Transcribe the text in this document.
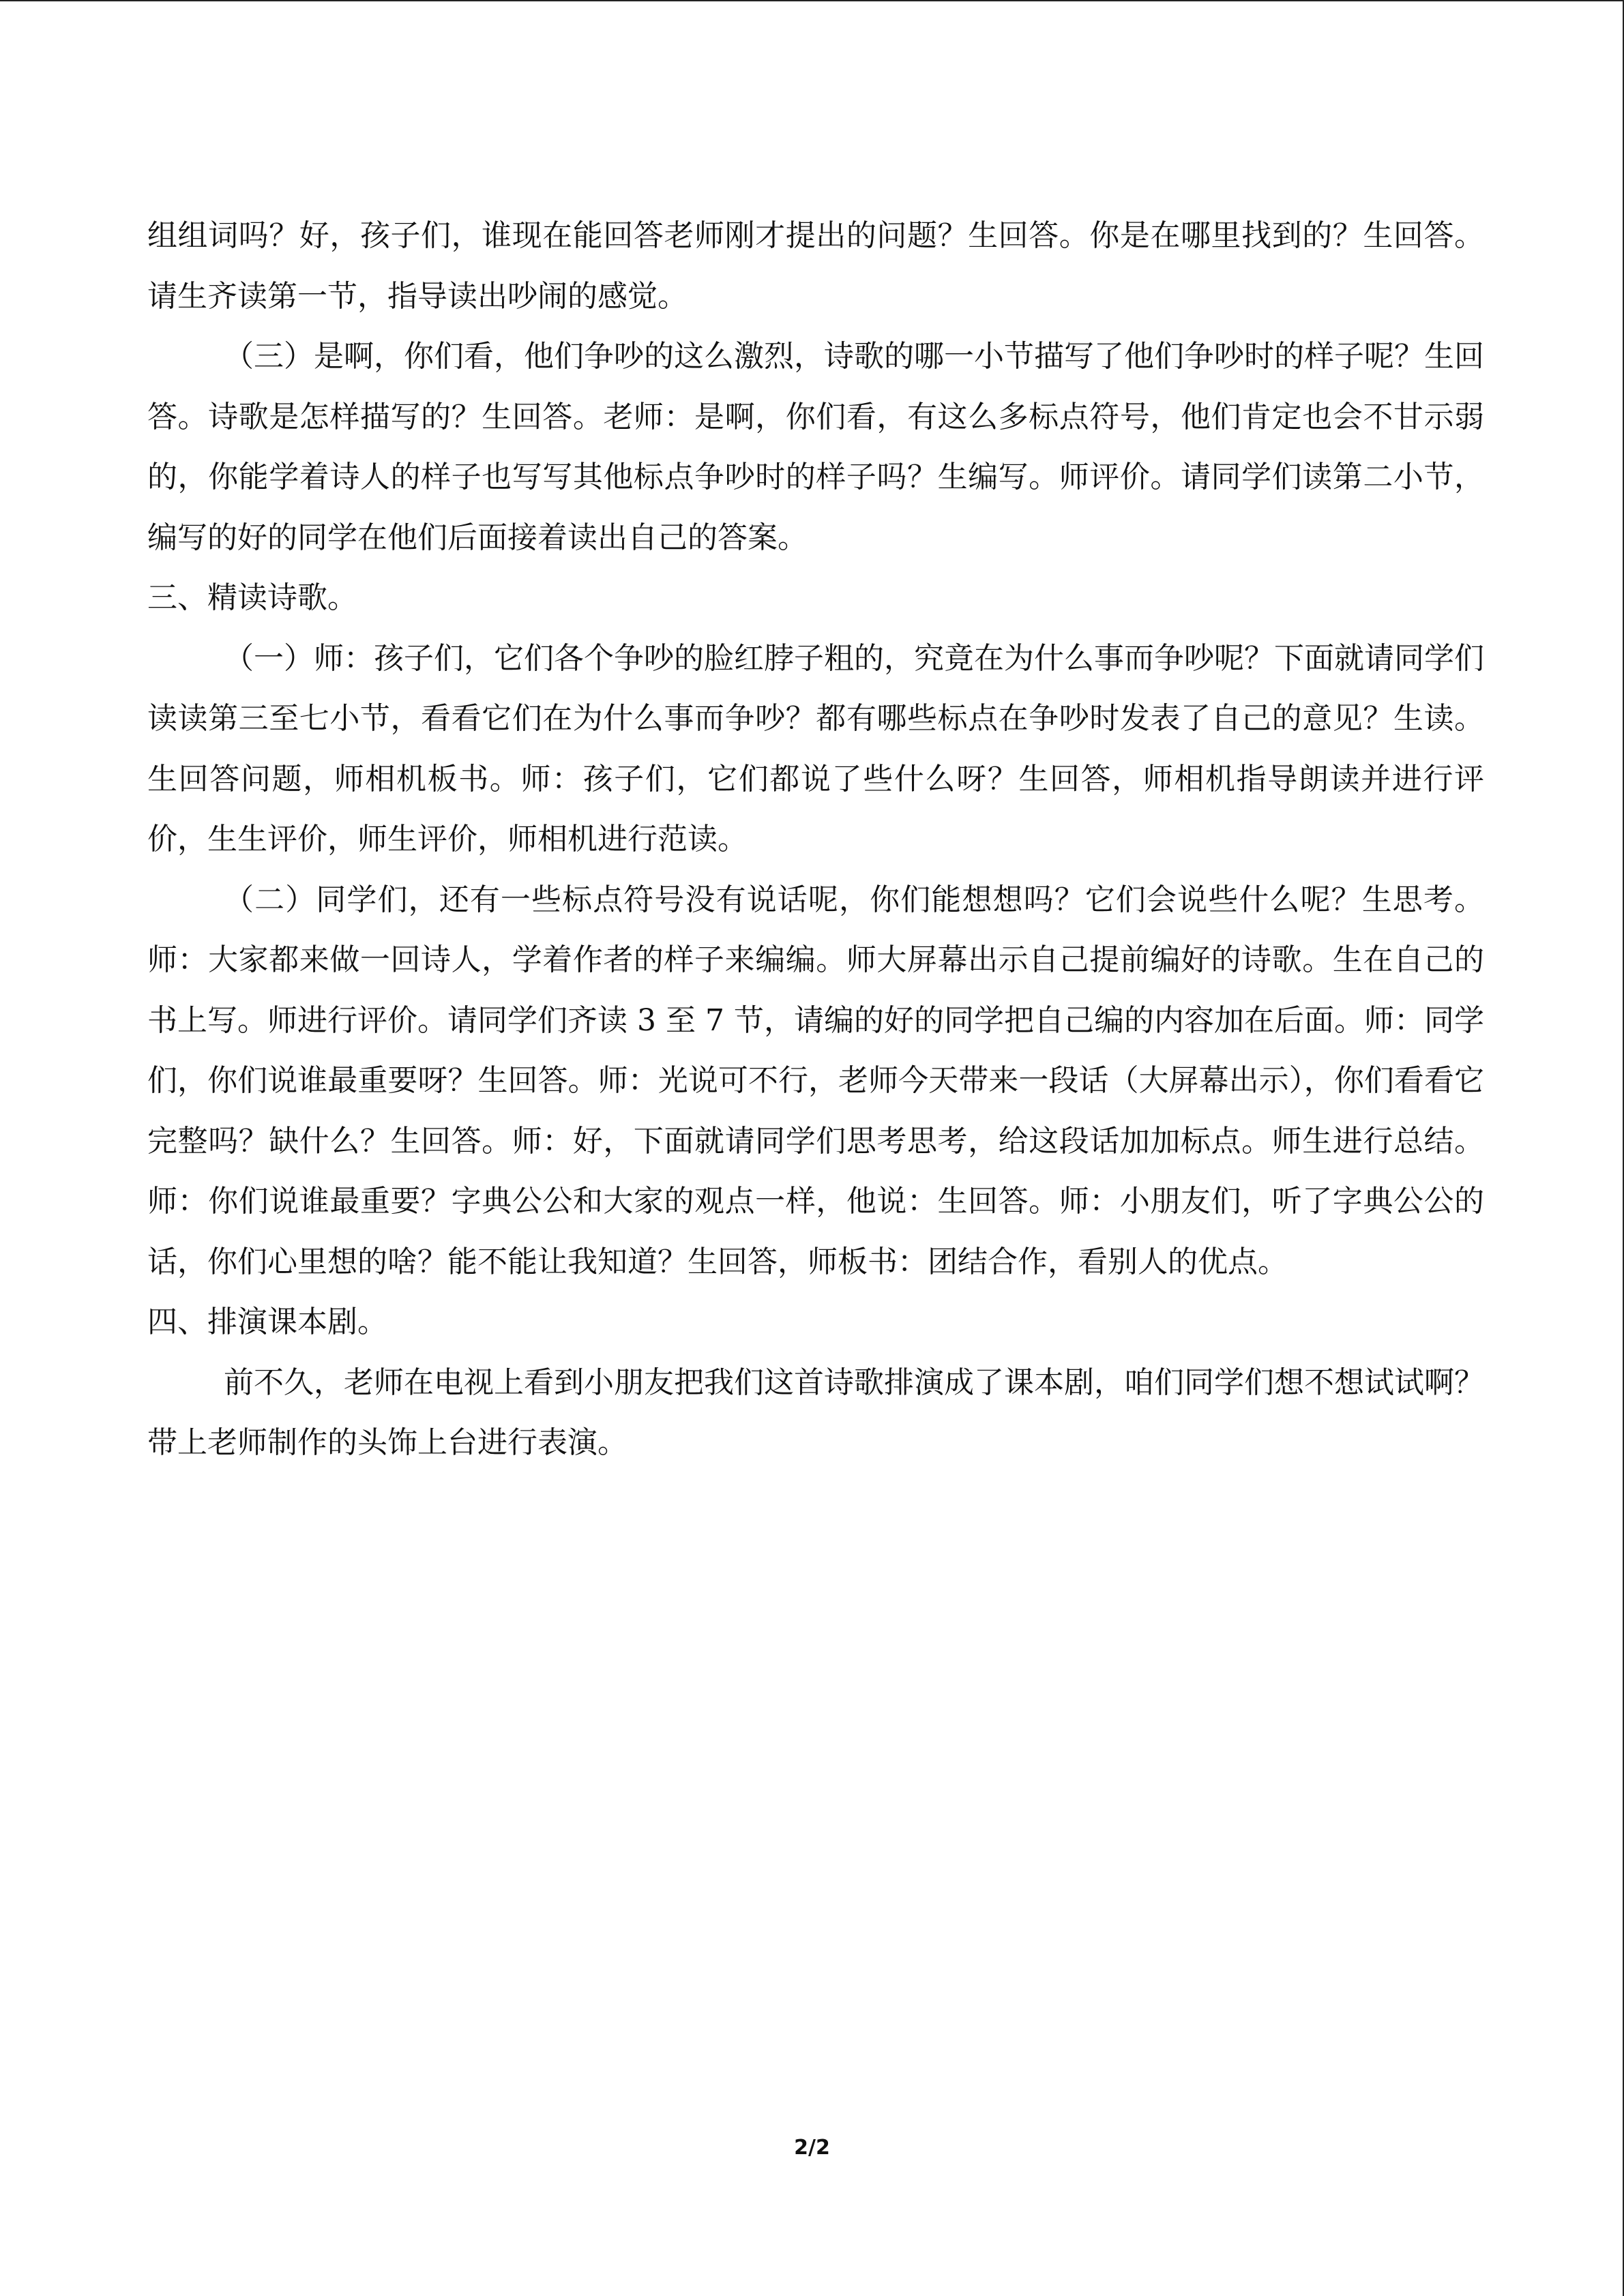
组组词吗？好，孩子们，谁现在能回答老师刚才提出的问题？生回答。你是在哪里找到的？生回答。请生齐读第一节，指导读出吵闹的感觉。

（三）是啊，你们看，他们争吵的这么激烈，诗歌的哪一小节描写了他们争吵时的样子呢？生回答。诗歌是怎样描写的？生回答。老师：是啊，你们看，有这么多标点符号，他们肯定也会不甘示弱的，你能学着诗人的样子也写写其他标点争吵时的样子吗？生编写。师评价。请同学们读第二小节，编写的好的同学在他们后面接着读出自己的答案。

三、精读诗歌。

（一）师：孩子们，它们各个争吵的脸红脖子粗的，究竟在为什么事而争吵呢？下面就请同学们读读第三至七小节，看看它们在为什么事而争吵？都有哪些标点在争吵时发表了自己的意见？生读。生回答问题，师相机板书。师：孩子们，它们都说了些什么呀？生回答，师相机指导朗读并进行评价，生生评价，师生评价，师相机进行范读。

（二）同学们，还有一些标点符号没有说话呢，你们能想想吗？它们会说些什么呢？生思考。师：大家都来做一回诗人，学着作者的样子来编编。师大屏幕出示自己提前编好的诗歌。生在自己的书上写。师进行评价。请同学们齐读 3 至 7 节，请编的好的同学把自己编的内容加在后面。师：同学们，你们说谁最重要呀？生回答。师：光说可不行，老师今天带来一段话（大屏幕出示），你们看看它完整吗？缺什么？生回答。师：好，下面就请同学们思考思考，给这段话加加标点。师生进行总结。师：你们说谁最重要？字典公公和大家的观点一样，他说：生回答。师：小朋友们，听了字典公公的话，你们心里想的啥？能不能让我知道？生回答，师板书：团结合作，看别人的优点。

四、排演课本剧。

前不久，老师在电视上看到小朋友把我们这首诗歌排演成了课本剧，咱们同学们想不想试试啊？带上老师制作的头饰上台进行表演。

2/2
